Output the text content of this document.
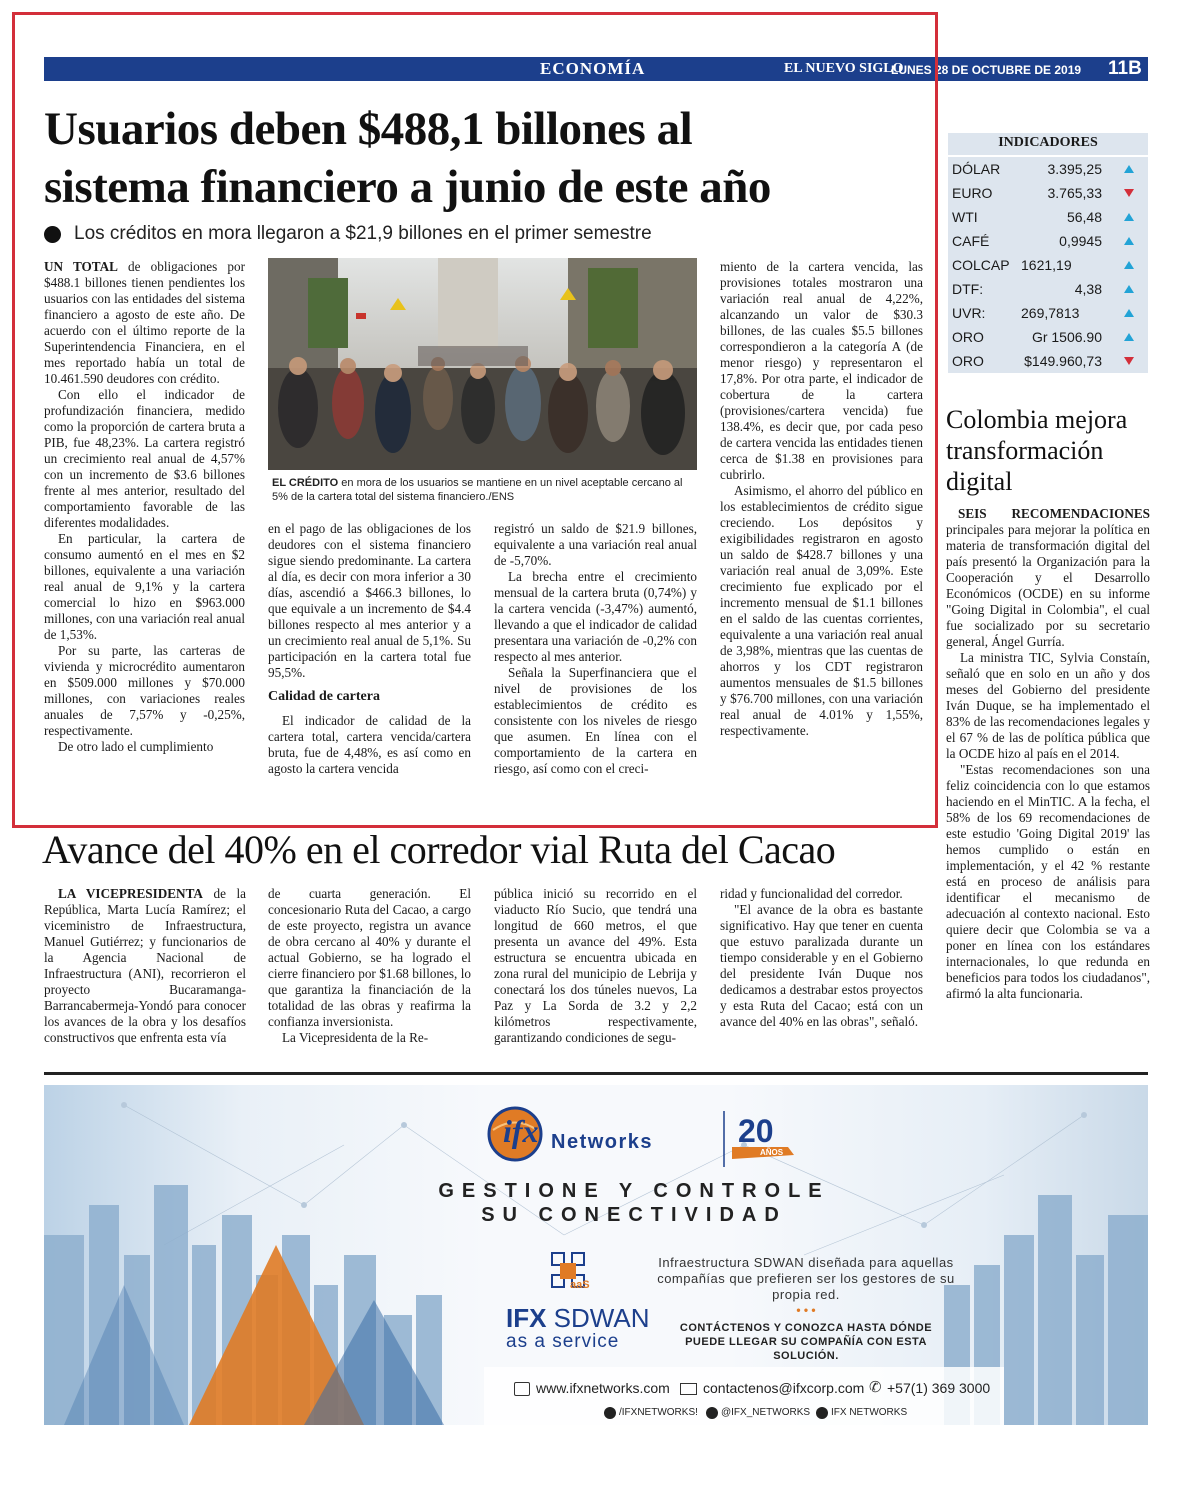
ECONOMÍA	EL NUEVO SIGLO
LUNES 28 DE OCTUBRE DE 2019 11B
Usuarios deben $488,1 billones al
sistema financiero a junio de este año
Los créditos en mora llegaron a $21,9 billones en el primer semestre
EL CRÉDITO en mora de los usuarios se mantiene en un nivel aceptable cercano al 5% de la cartera total del sistema financiero./ENS

UN TOTAL de obligaciones por $488.1 billones tienen pendientes los usuarios con las entidades del sistema financiero a agosto de este año. De acuerdo con el último reporte de la Superintendencia Financiera, en el mes reportado había un total de 10.461.590 deudores con crédito.

Con ello el indicador de profundización financiera, medido como la proporción de cartera bruta a PIB, fue 48,23%. La cartera registró un crecimiento real anual de 4,57% con un incremento de $3.6 billones frente al mes anterior, resultado del comportamiento favorable de las diferentes modalidades.

En particular, la cartera de consumo aumentó en el mes en $2 billones, equivalente a una variación real anual de 9,1% y la cartera comercial lo hizo en $963.000 millones, con una variación real anual de 1,53%.

Por su parte, las carteras de vivienda y microcrédito aumentaron en $509.000 millones y $70.000 millones, con variaciones reales anuales de 7,57% y -0,25%, respectivamente.

De otro lado el cumplimiento

en el pago de las obligaciones de los deudores con el sistema financiero sigue siendo predominante. La cartera al día, es decir con mora inferior a 30 días, ascendió a $466.3 billones, lo que equivale a un incremento de $4.4 billones respecto al mes anterior y a un crecimiento real anual de 5,1%. Su participación en la cartera total fue 95,5%.

Calidad de cartera

El indicador de calidad de la cartera total, cartera vencida/cartera bruta, fue de 4,48%, es así como en agosto la cartera vencida

registró un saldo de $21.9 billones, equivalente a una variación real anual de -5,70%.

La brecha entre el crecimiento mensual de la cartera bruta (0,74%) y la cartera vencida (-3,47%) aumentó, llevando a que el indicador de calidad presentara una variación de -0,2% con respecto al mes anterior.

Señala la Superfinanciera que el nivel de provisiones de los establecimientos de crédito es consistente con los niveles de riesgo que asumen. En línea con el comportamiento de la cartera en riesgo, así como con el creci-

miento de la cartera vencida, las provisiones totales mostraron una variación real anual de 4,22%, alcanzando un valor de $30.3 billones, de las cuales $5.5 billones correspondieron a la categoría A (de menor riesgo) y representaron el 17,8%. Por otra parte, el indicador de cobertura de la cartera (provisiones/cartera vencida) fue 138.4%, es decir que, por cada peso de cartera vencida las entidades tienen cerca de $1.38 en provisiones para cubrirlo.

Asimismo, el ahorro del público en los establecimientos de crédito sigue creciendo. Los depósitos y exigibilidades registraron en agosto un saldo de $428.7 billones y una variación real anual de 3,09%. Este crecimiento fue explicado por el incremento mensual de $1.1 billones en el saldo de las cuentas corrientes, equivalente a una variación real anual de 3,98%, mientras que las cuentas de ahorros y los CDT registraron aumentos mensuales de $1.5 billones y $76.700 millones, con una variación real anual de 4.01% y 1,55%, respectivamente.

INDICADORES
DÓLAR	3.395,25
EURO	3.765,33
WTI	56,48
CAFÉ	0,9945
COLCAP 1621,19
DTF:	4,38
UVR:	269,7813
ORO	Gr 1506.90
ORO	$149.960,73
Colombia mejora transformación digital

SEIS RECOMENDACIONES principales para mejorar la política en materia de transformación digital del país presentó la Organización para la Cooperación y el Desarrollo Económicos (OCDE) en su informe "Going Digital in Colombia", el cual fue socializado por su secretario general, Ángel Gurría.

La ministra TIC, Sylvia Constaín, señaló que en solo en un año y dos meses del Gobierno del presidente Iván Duque, se ha implementado el 83% de las recomendaciones legales y el 67 % de las de política pública que la OCDE hizo al país en el 2014.

"Estas recomendaciones son una feliz coincidencia con lo que estamos haciendo en el MinTIC. A la fecha, el 58% de los 69 recomendaciones de este estudio 'Going Digital 2019' las hemos cumplido o están en implementación, y el 42 % restante está en proceso de análisis para identificar el mecanismo de adecuación al contexto nacional. Esto quiere decir que Colombia se va a poner en línea con los estándares internacionales, lo que redunda en beneficios para todos los ciudadanos", afirmó la alta funcionaria.

Avance del 40% en el corredor vial Ruta del Cacao

LA VICEPRESIDENTA de la República, Marta Lucía Ramírez; el viceministro de Infraestructura, Manuel Gutiérrez; y funcionarios de la Agencia Nacional de Infraestructura (ANI), recorrieron el proyecto Bucaramanga-Barrancabermeja-Yondó para conocer los avances de la obra y los desafíos constructivos que enfrenta esta vía

de cuarta generación. El concesionario Ruta del Cacao, a cargo de este proyecto, registra un avance de obra cercano al 40% y durante el actual Gobierno, se ha logrado el cierre financiero por $1.68 billones, lo que garantiza la financiación de la totalidad de las obras y reafirma la confianza inversionista.

La Vicepresidenta de la Re-

pública inició su recorrido en el viaducto Río Sucio, que tendrá una longitud de 660 metros, el que presenta un avance del 49%. Esta estructura se encuentra ubicada en zona rural del municipio de Lebrija y conectará los dos túneles nuevos, La Paz y La Sorda de 3.2 y 2,2 kilómetros respectivamente, garantizando condiciones de segu-

ridad y funcionalidad del corredor.

"El avance de la obra es bastante significativo. Hay que tener en cuenta que estuvo paralizada durante un tiempo considerable y en el Gobierno del presidente Iván Duque nos dedicamos a destrabar estos proyectos y esta Ruta del Cacao; está con un avance del 40% en las obras", señaló.

ifx Networks	20
AÑOS
GESTIONE Y CONTROLE
SU CONECTIVIDAD
aaS
IFX SDWAN
as a service
Infraestructura SDWAN diseñada para aquellas compañías que prefieren ser los gestores de su propia red.
• • •
CONTÁCTENOS Y CONOZCA HASTA DÓNDE PUEDE LLEGAR SU COMPAÑÍA CON ESTA SOLUCIÓN.
www.ifxnetworks.com contactenos@ifxcorp.com ✆ +57(1) 369 3000
/IFXNETWORKS! @IFX_NETWORKS IFX NETWORKS
